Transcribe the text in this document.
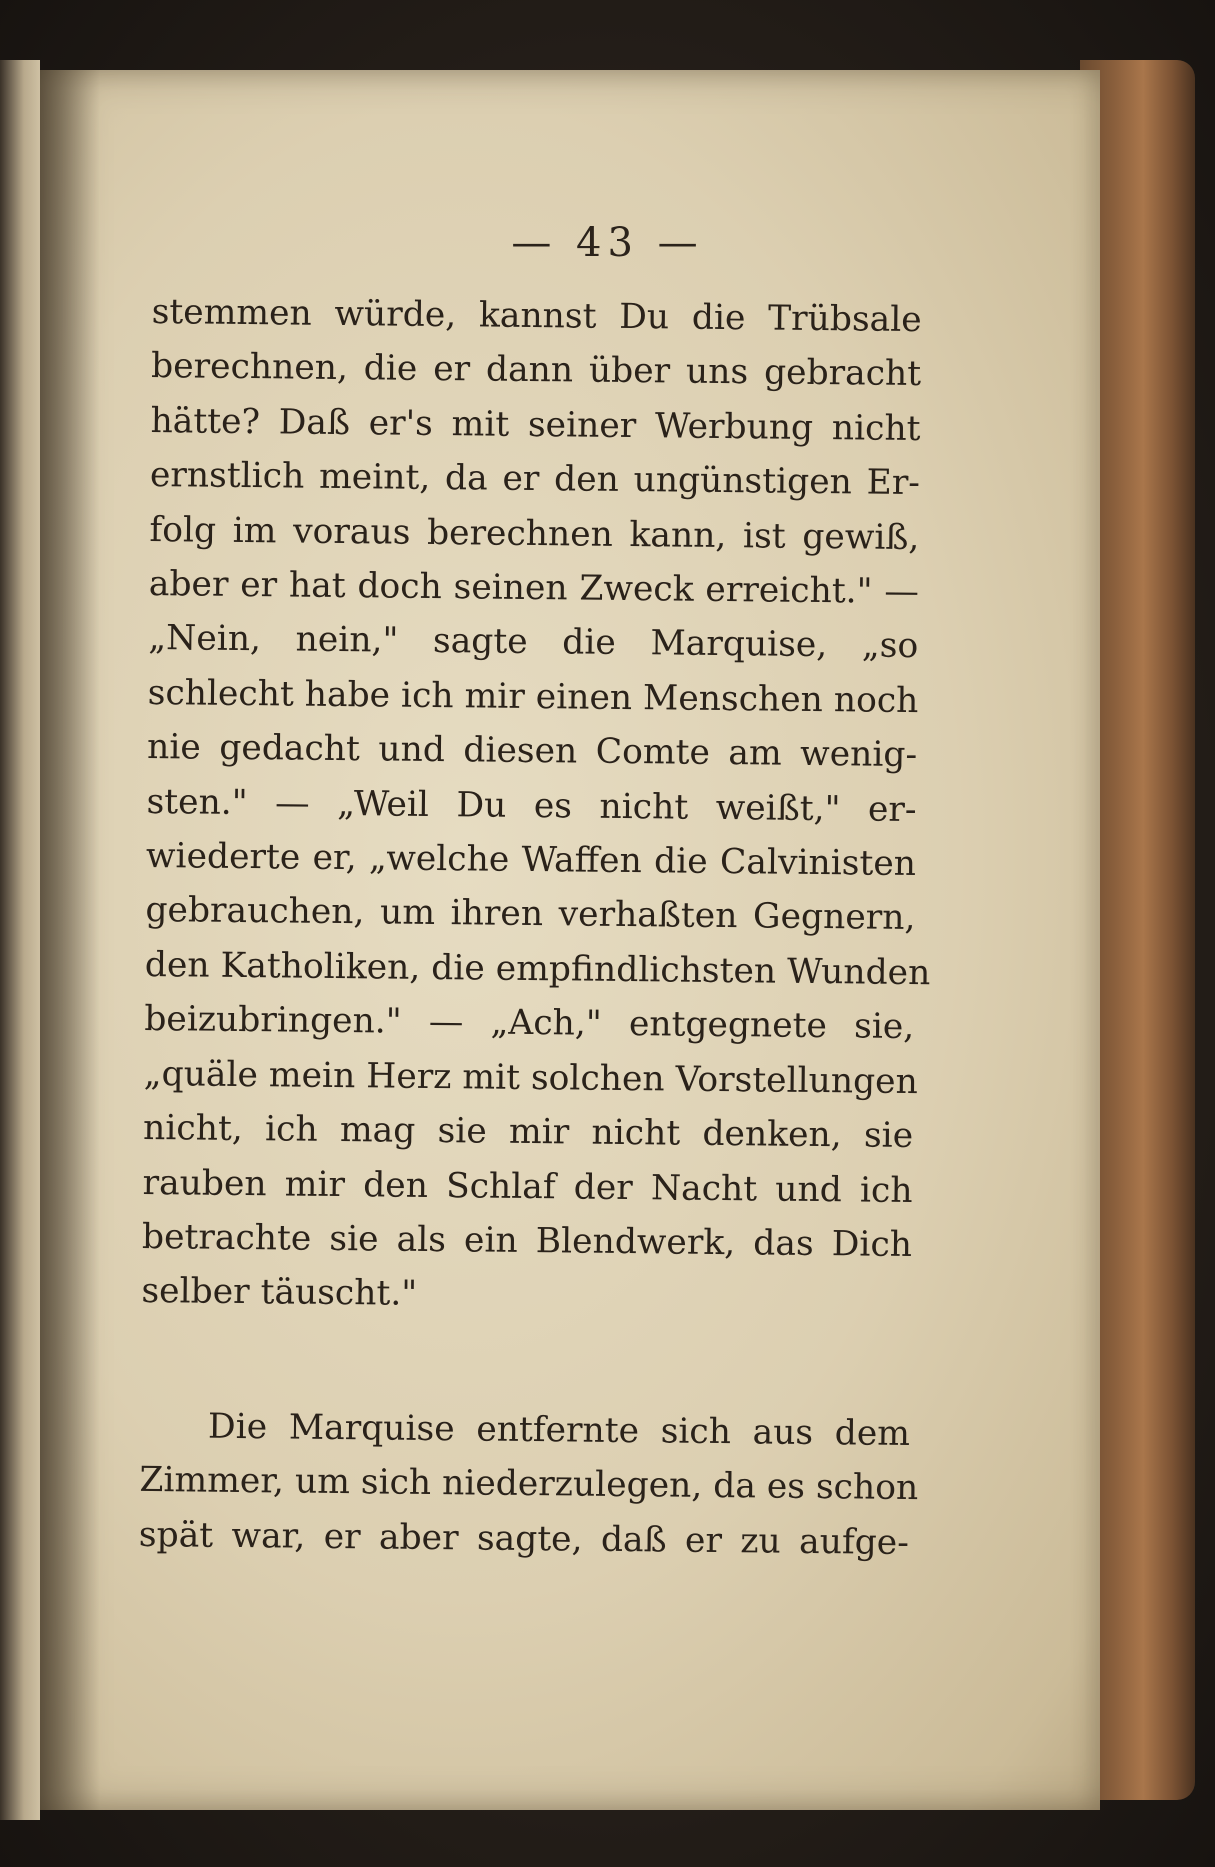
— 43 —
stemmen würde, kannst Du die Trübsale
berechnen, die er dann über uns gebracht
hätte? Daß er's mit seiner Werbung nicht
ernstlich meint, da er den ungünstigen Er-
folg im voraus berechnen kann, ist gewiß,
aber er hat doch seinen Zweck erreicht." —
„Nein, nein," sagte die Marquise, „so
schlecht habe ich mir einen Menschen noch
nie gedacht und diesen Comte am wenig-
sten." — „Weil Du es nicht weißt," er-
wiederte er, „welche Waffen die Calvinisten
gebrauchen, um ihren verhaßten Gegnern,
den Katholiken, die empfindlichsten Wunden
beizubringen." — „Ach," entgegnete sie,
„quäle mein Herz mit solchen Vorstellungen
nicht, ich mag sie mir nicht denken, sie
rauben mir den Schlaf der Nacht und ich
betrachte sie als ein Blendwerk, das Dich
selber täuscht."
Die Marquise entfernte sich aus dem
Zimmer, um sich niederzulegen, da es schon
spät war, er aber sagte, daß er zu aufge-
